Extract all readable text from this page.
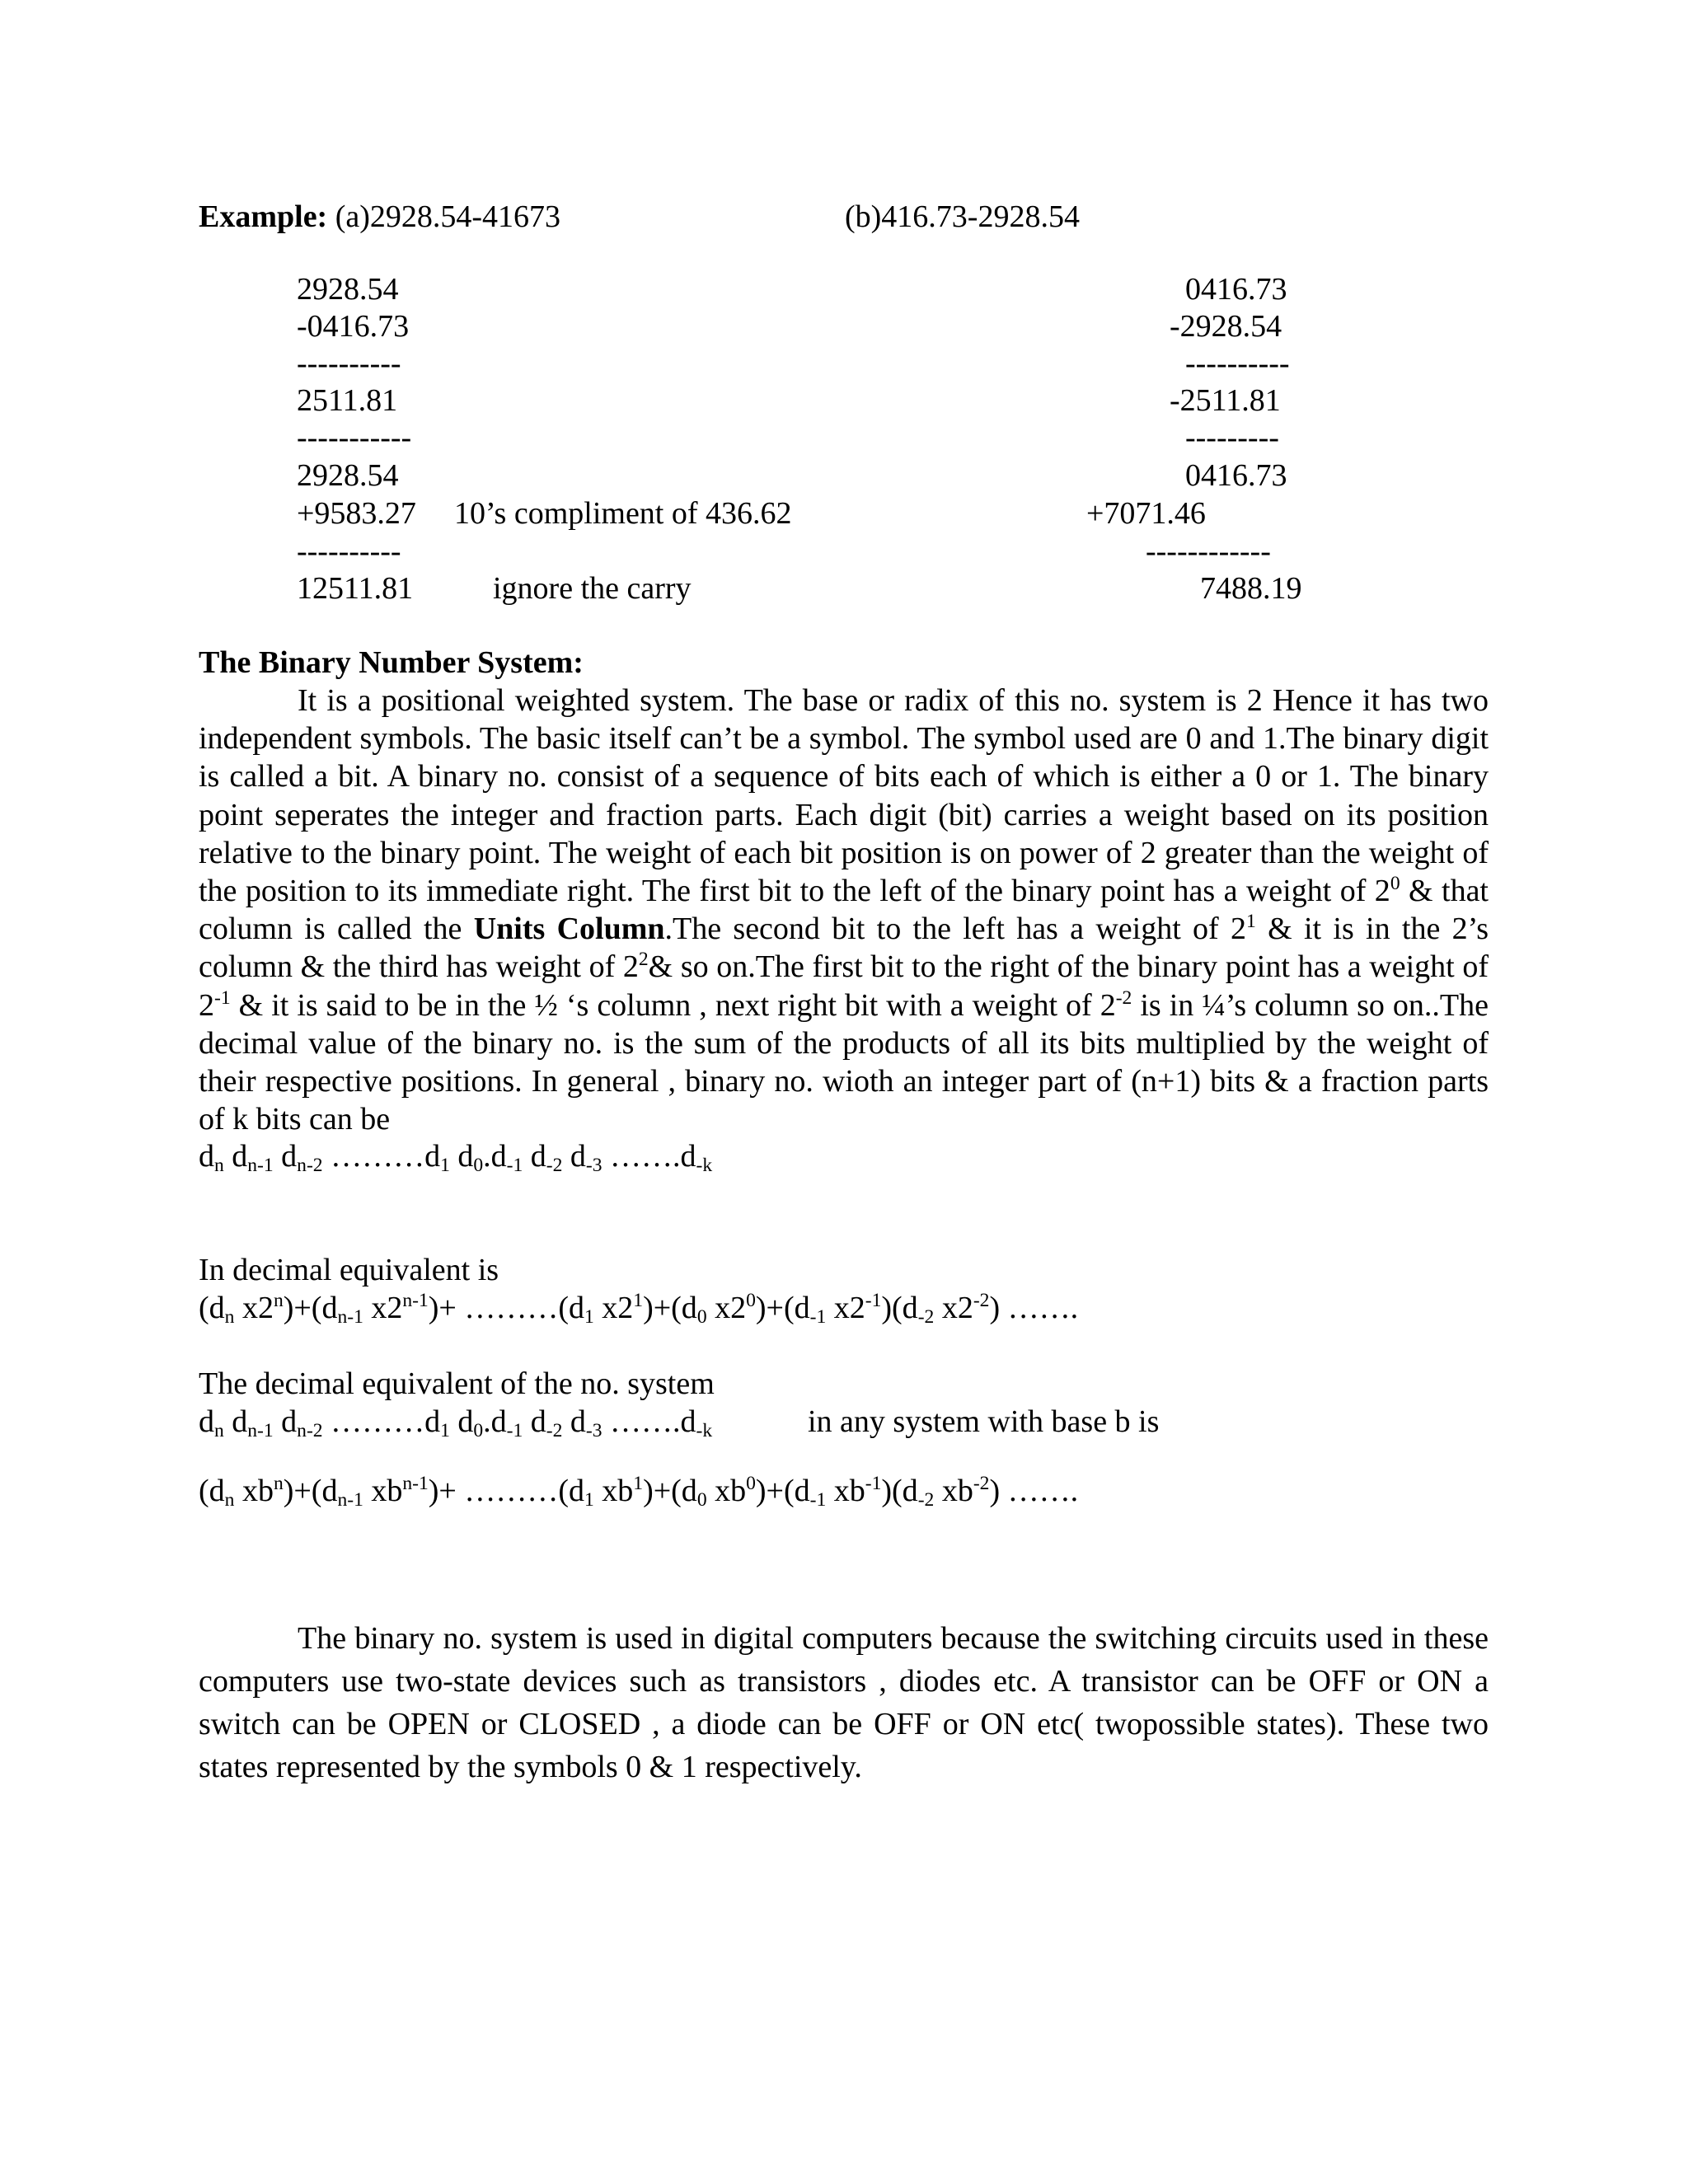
Example: (a)2928.54-41673	(b)416.73-2928.54
2928.54
-0416.73
----------
2511.81
-----------
2928.54
+9583.27 10’s compliment of 436.62
----------
12511.81	ignore the carry
0416.73
-2928.54
----------
-2511.81
---------
0416.73
+7071.46
------------
7488.19
The Binary Number System:
It is a positional weighted system. The base or radix of this no. system is 2 Hence it has two independent symbols. The basic itself can’t be a symbol. The symbol used are 0 and 1.The binary digit is called a bit. A binary no. consist of a sequence of bits each of which is either a 0 or 1. The binary point seperates the integer and fraction parts. Each digit (bit) carries a weight based on its position relative to the binary point. The weight of each bit position is on power of 2 greater than the weight of the position to its immediate right. The first bit to the left of the binary point has a weight of $2^0$ & that column is called the Units Column.The second bit to the left has a weight of $2^1$ & it is in the 2’s column & the third has weight of $2^2\&$ so on.The first bit to the right of the binary point has a weight of $2^{-1}$ & it is said to be in the ½ ‘s column , next right bit with a weight of $2^{-2}$ is in ¼’s column so on..The decimal value of the binary no. is the sum of the products of all its bits multiplied by the weight of their respective positions. In general , binary no. wioth an integer part of (n+1) bits & a fraction parts of k bits can be
$d_n$ $d_{n-1}$ $d_{n-2}$ $\dots\dots\dots d_1$ $d_0.d_{-1}$ $d_{-2}$ $d_{-3}$ $\dots\dots.d_{-k}$
In decimal equivalent is
($d_n$ $x2^n)+(d_{n-1}$ $x2^{n-1})+$ $\dots\dots\dots(d_1$ $x2^1)+(d_0$ $x2^0)+(d_{-1}$ $x2^{-1})(d_{-2}$ $x2^{-2}$) …….
The decimal equivalent of the no. system
$d_n$ $d_{n-1}$ $d_{n-2}$ $\dots\dots\dots d_1$ $d_0.d_{-1}$ $d_{-2}$ $d_{-3}$ $\dots\dots.d_{-k}$	in any system with base b is
($d_n$ $xb^n)+(d_{n-1}$ $xb^{n-1})+$ $\dots\dots\dots(d_1$ $xb^1)+(d_0$ $xb^0)+(d_{-1}$ $xb^{-1})(d_{-2}$ $xb^{-2}$) …….
The binary no. system is used in digital computers because the switching circuits used in these computers use two-state devices such as transistors , diodes etc. A transistor can be OFF or ON a switch can be OPEN or CLOSED , a diode can be OFF or ON etc( twopossible states). These two states represented by the symbols 0 & 1 respectively.
